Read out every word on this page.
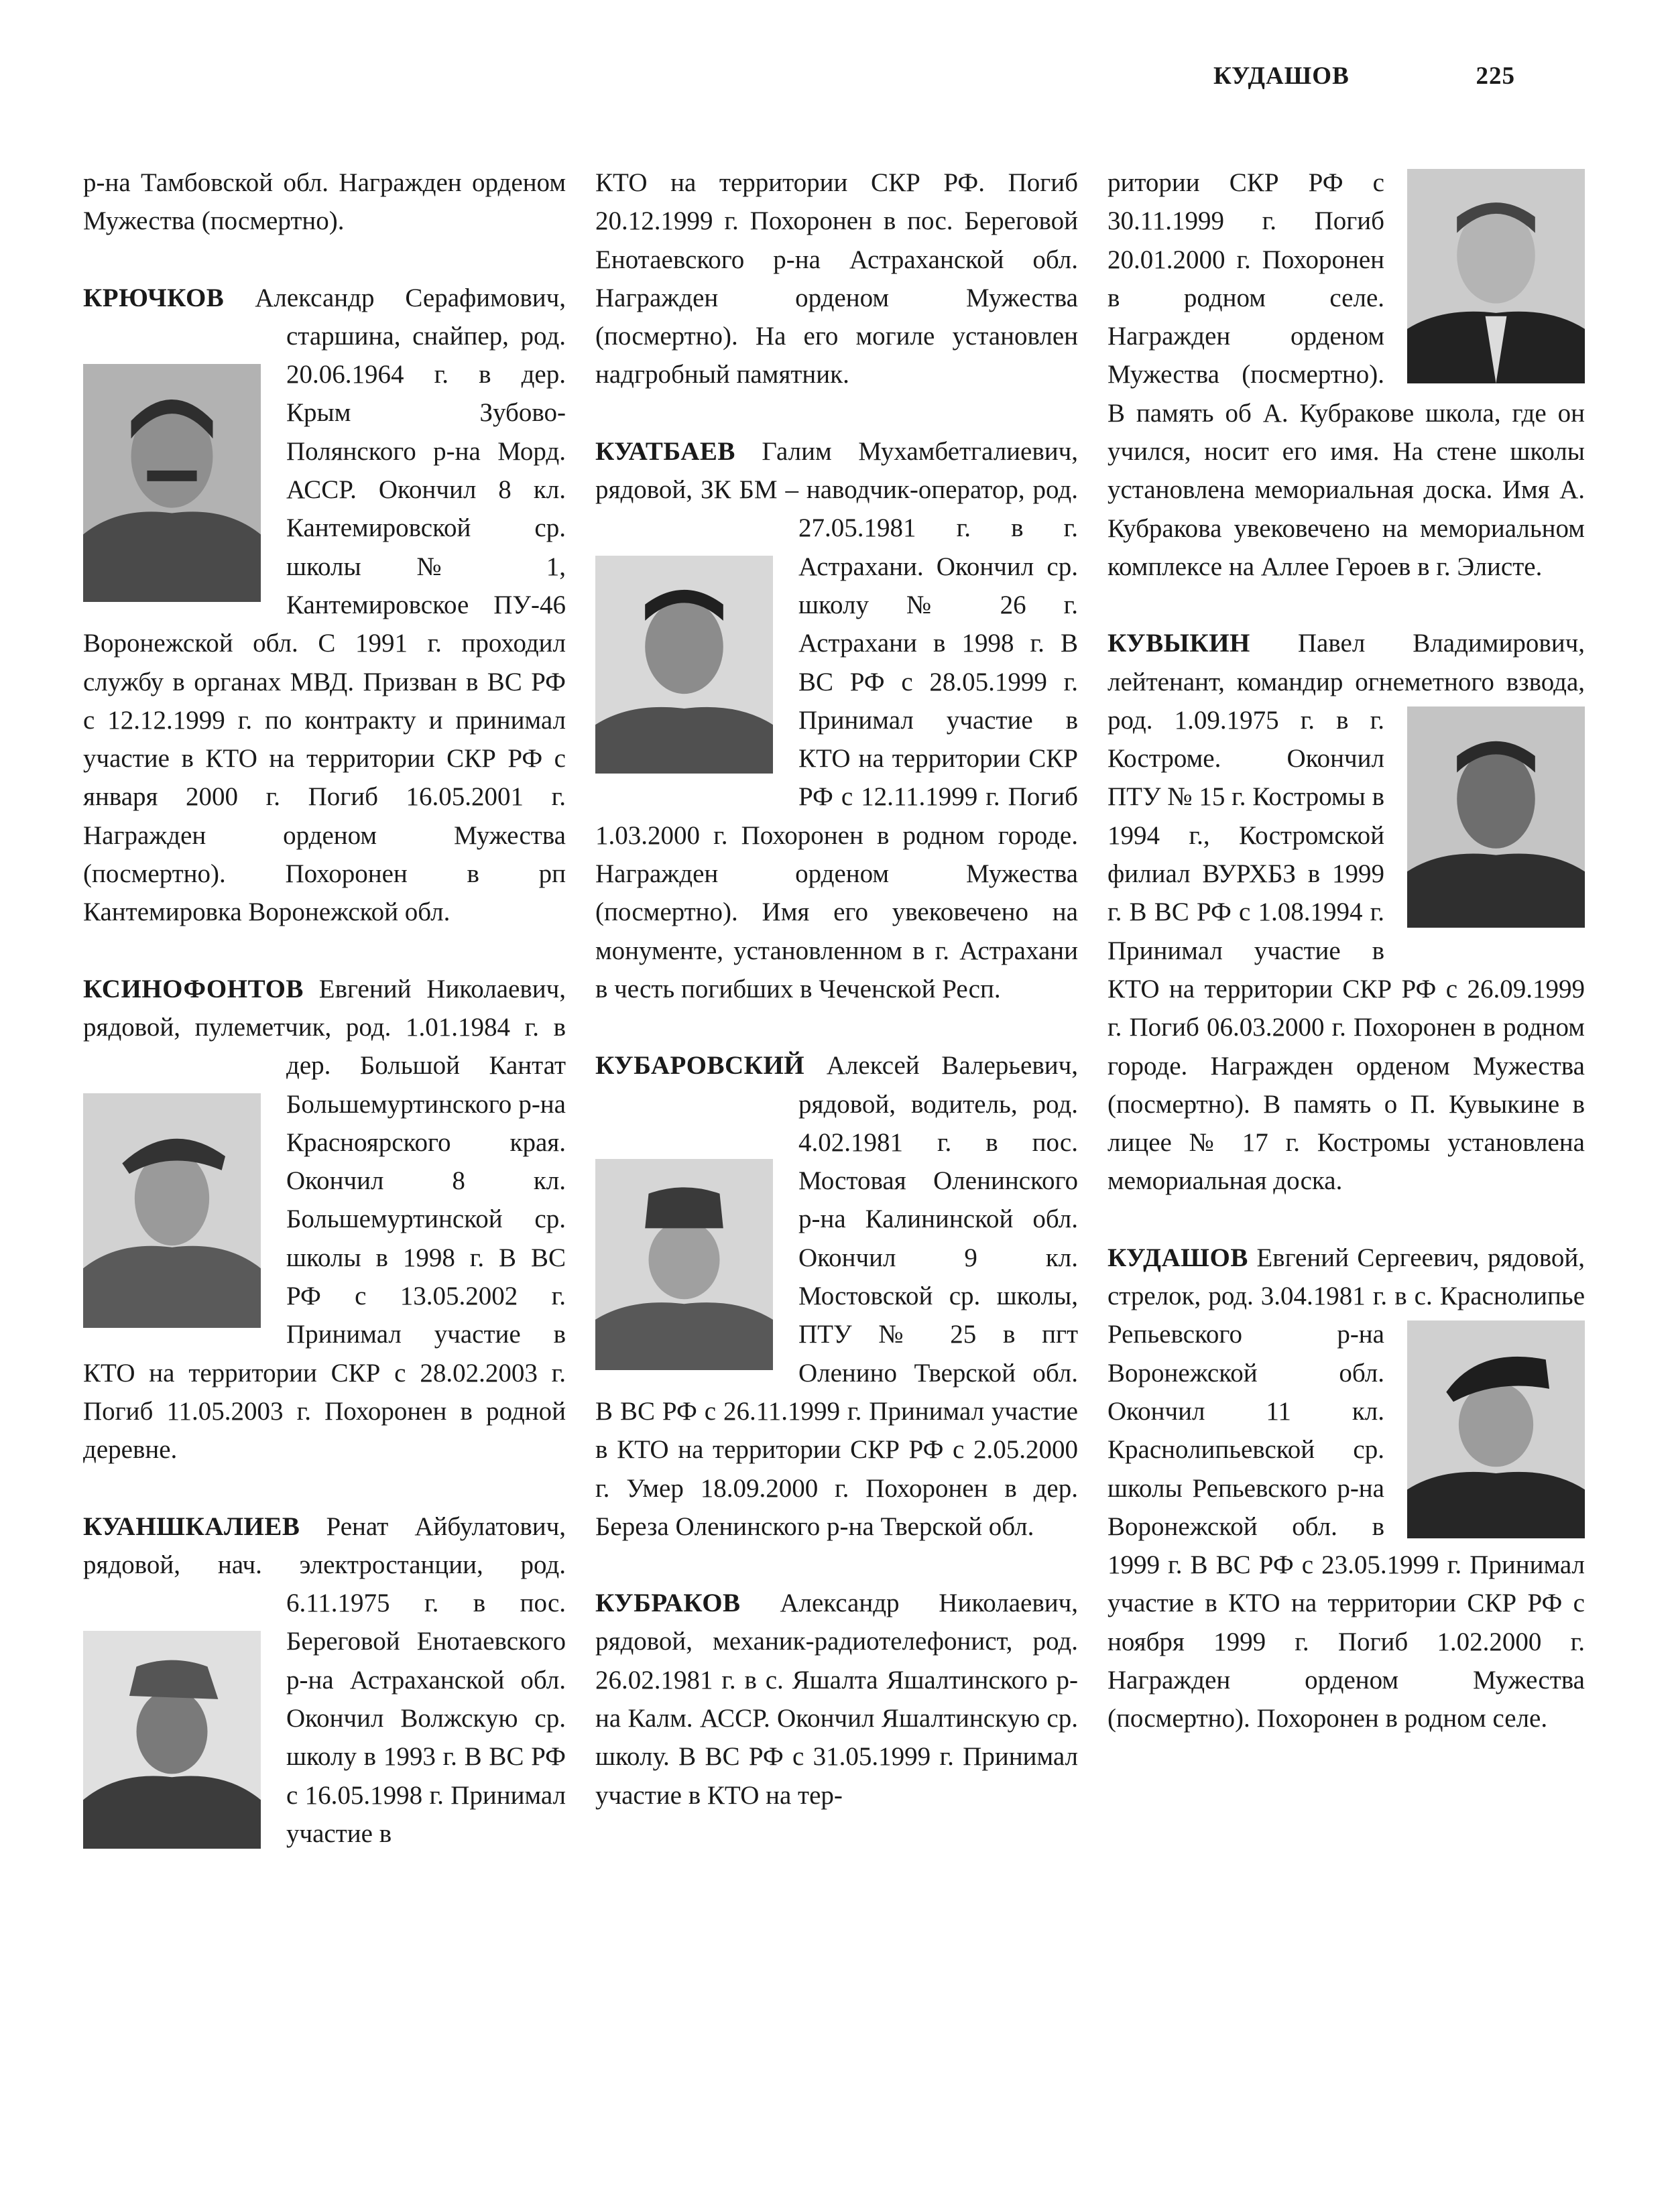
КУДАШОВ	225

р-на Тамбовской обл. Награжден орденом Мужества (посмертно).

КРЮЧКОВ Александр Серафимович, старшина, снайпер, род.
20.06.1964 г. в дер. Крым Зубово-Полянского р-на Морд. АССР. Окончил 8 кл. Кантемировской ср. школы № 1, Кантемировское ПУ-46 Воронежской обл. С 1991 г. проходил службу в органах МВД. Призван в ВС РФ с 12.12.1999 г. по контракту и принимал участие в КТО на территории СКР РФ с января 2000 г. Погиб 16.05.2001 г. Награжден орденом Мужества (посмертно). Похоронен в рп Кантемировка Воронежской обл.

КСИНОФОНТОВ Евгений Николаевич, рядовой, пулеметчик, род. 1.01.1984 г. в дер. Большой Кантат Большемуртинского р-на Красноярского края. Окончил 8 кл. Большемуртинской ср. школы в 1998 г. В ВС РФ с 13.05.2002 г. Принимал участие в КТО на территории СКР с 28.02.2003 г. Погиб 11.05.2003 г. Похоронен в родной деревне.

КУАНШКАЛИЕВ Ренат Айбулатович, рядовой, нач. электростанции, род. 6.11.1975 г. в пос.
Береговой Енотаевского р-на Астраханской обл. Окончил Волжскую ср. школу в 1993 г. В ВС РФ с 16.05.1998 г. Принимал участие в

КТО на территории СКР РФ. Погиб 20.12.1999 г. Похоронен в пос. Береговой Енотаевского р-на Астраханской обл. Награжден орденом Мужества (посмертно). На его могиле установлен надгробный памятник.

КУАТБАЕВ Галим Мухамбетгалиевич, рядовой, ЗК БМ – наводчик-оператор, род. 27.05.1981 г. в г. Астрахани. Окончил ср. школу № 26 г. Астрахани в 1998 г. В ВС РФ с 28.05.1999 г. Принимал участие в КТО на территории СКР РФ с 12.11.1999 г. Погиб 1.03.2000 г. Похоронен в родном городе. Награжден орденом Мужества (посмертно). Имя его увековечено на монументе, установленном в г. Астрахани в честь погибших в Чеченской Респ.

КУБАРОВСКИЙ Алексей Валерьевич, рядовой, водитель, род.
4.02.1981 г. в пос. Мостовая Оленинского р-на Калининской обл. Окончил 9 кл. Мостовской ср. школы, ПТУ № 25 в пгт Оленино Тверской обл. В ВС РФ с 26.11.1999 г. Принимал участие в КТО на территории СКР РФ с 2.05.2000 г. Умер 18.09.2000 г. Похоронен в дер. Береза Оленинского р-на Тверской обл.

КУБРАКОВ Александр Николаевич, рядовой, механик-радиотелефонист, род. 26.02.1981 г. в с. Яшалта Яшалтинского р-на Калм. АССР. Окончил Яшалтинскую ср. школу. В ВС РФ с 31.05.1999 г. Принимал участие в КТО на тер-

ритории СКР РФ с 30.11.1999 г. Погиб 20.01.2000 г. Похоронен в родном селе. Награжден орденом Мужества (посмертно). В память об А. Кубракове школа, где он учился, носит его имя. На стене школы установлена мемориальная доска. Имя А. Кубракова увековечено на мемориальном комплексе на Аллее Героев в г. Элисте.

КУВЫКИН Павел Владимирович, лейтенант, командир огнеметного взвода, род. 1.09.1975 г. в г. Костроме. Окончил ПТУ № 15 г. Костромы в 1994 г., Костромской филиал ВУРХБЗ в 1999 г. В ВС РФ с 1.08.1994 г. Принимал участие в КТО на территории СКР РФ с 26.09.1999 г. Погиб 06.03.2000 г. Похоронен в родном городе. Награжден орденом Мужества (посмертно). В память о П. Кувыкине в лицее № 17 г. Костромы установлена мемориальная доска.

КУДАШОВ Евгений Сергеевич, рядовой, стрелок, род. 3.04.1981 г. в с. Краснолипье Репьевского р-на Воронежской обл. Окончил 11 кл. Краснолипьевской ср. школы Репьевского р-на Воронежской обл. в 1999 г. В ВС РФ с 23.05.1999 г. Принимал участие в КТО на территории СКР РФ с ноября 1999 г. Погиб 1.02.2000 г. Награжден орденом Мужества (посмертно). Похоронен в родном селе.
